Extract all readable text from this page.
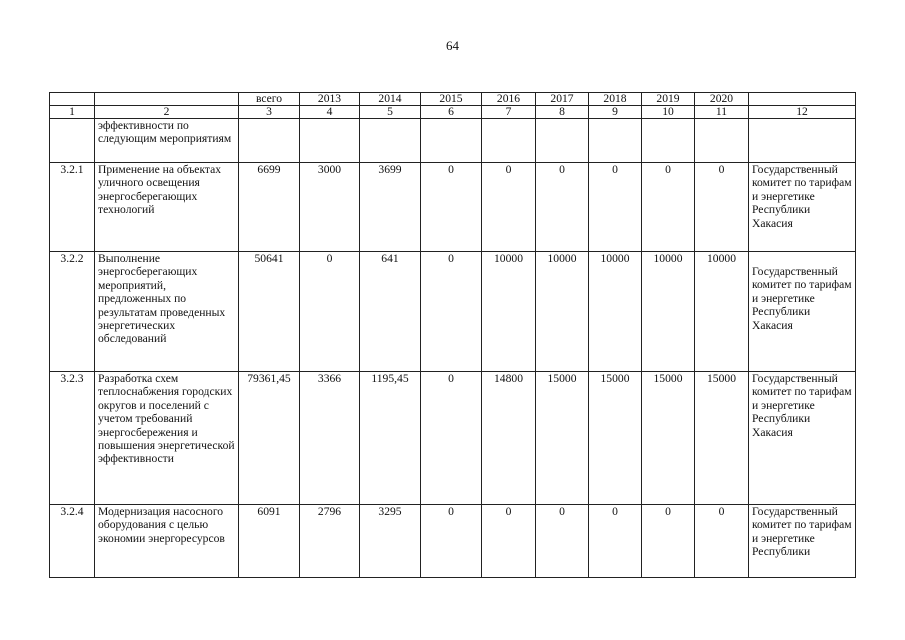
64
		всего	2013	2014	2015	2016	2017	2018	2019	2020	
1	2	3	4	5	6	7	8	9	10	11	12
	эффективности по следующим мероприятиям										
3.2.1	Применение на объектах уличного освещения энергосберегающих технологий	6699	3000	3699	0	0	0	0	0	0	Государственный комитет по тарифам и энергетике Республики Хакасия
3.2.2	Выполнение энергосберегающих мероприятий, предложенных по результатам проведенных энергетических обследований	50641	0	641	0	10000	10000	10000	10000	10000	Государственный комитет по тарифам и энергетике Республики Хакасия
3.2.3	Разработка схем теплоснабжения городских округов и поселений с учетом требований энергосбережения и повышения энергетической эффективности	79361,45	3366	1195,45	0	14800	15000	15000	15000	15000	Государственный комитет по тарифам и энергетике Республики Хакасия
3.2.4	Модернизация насосного оборудования с целью экономии энергоресурсов	6091	2796	3295	0	0	0	0	0	0	Государственный комитет по тарифам и энергетике Республики
